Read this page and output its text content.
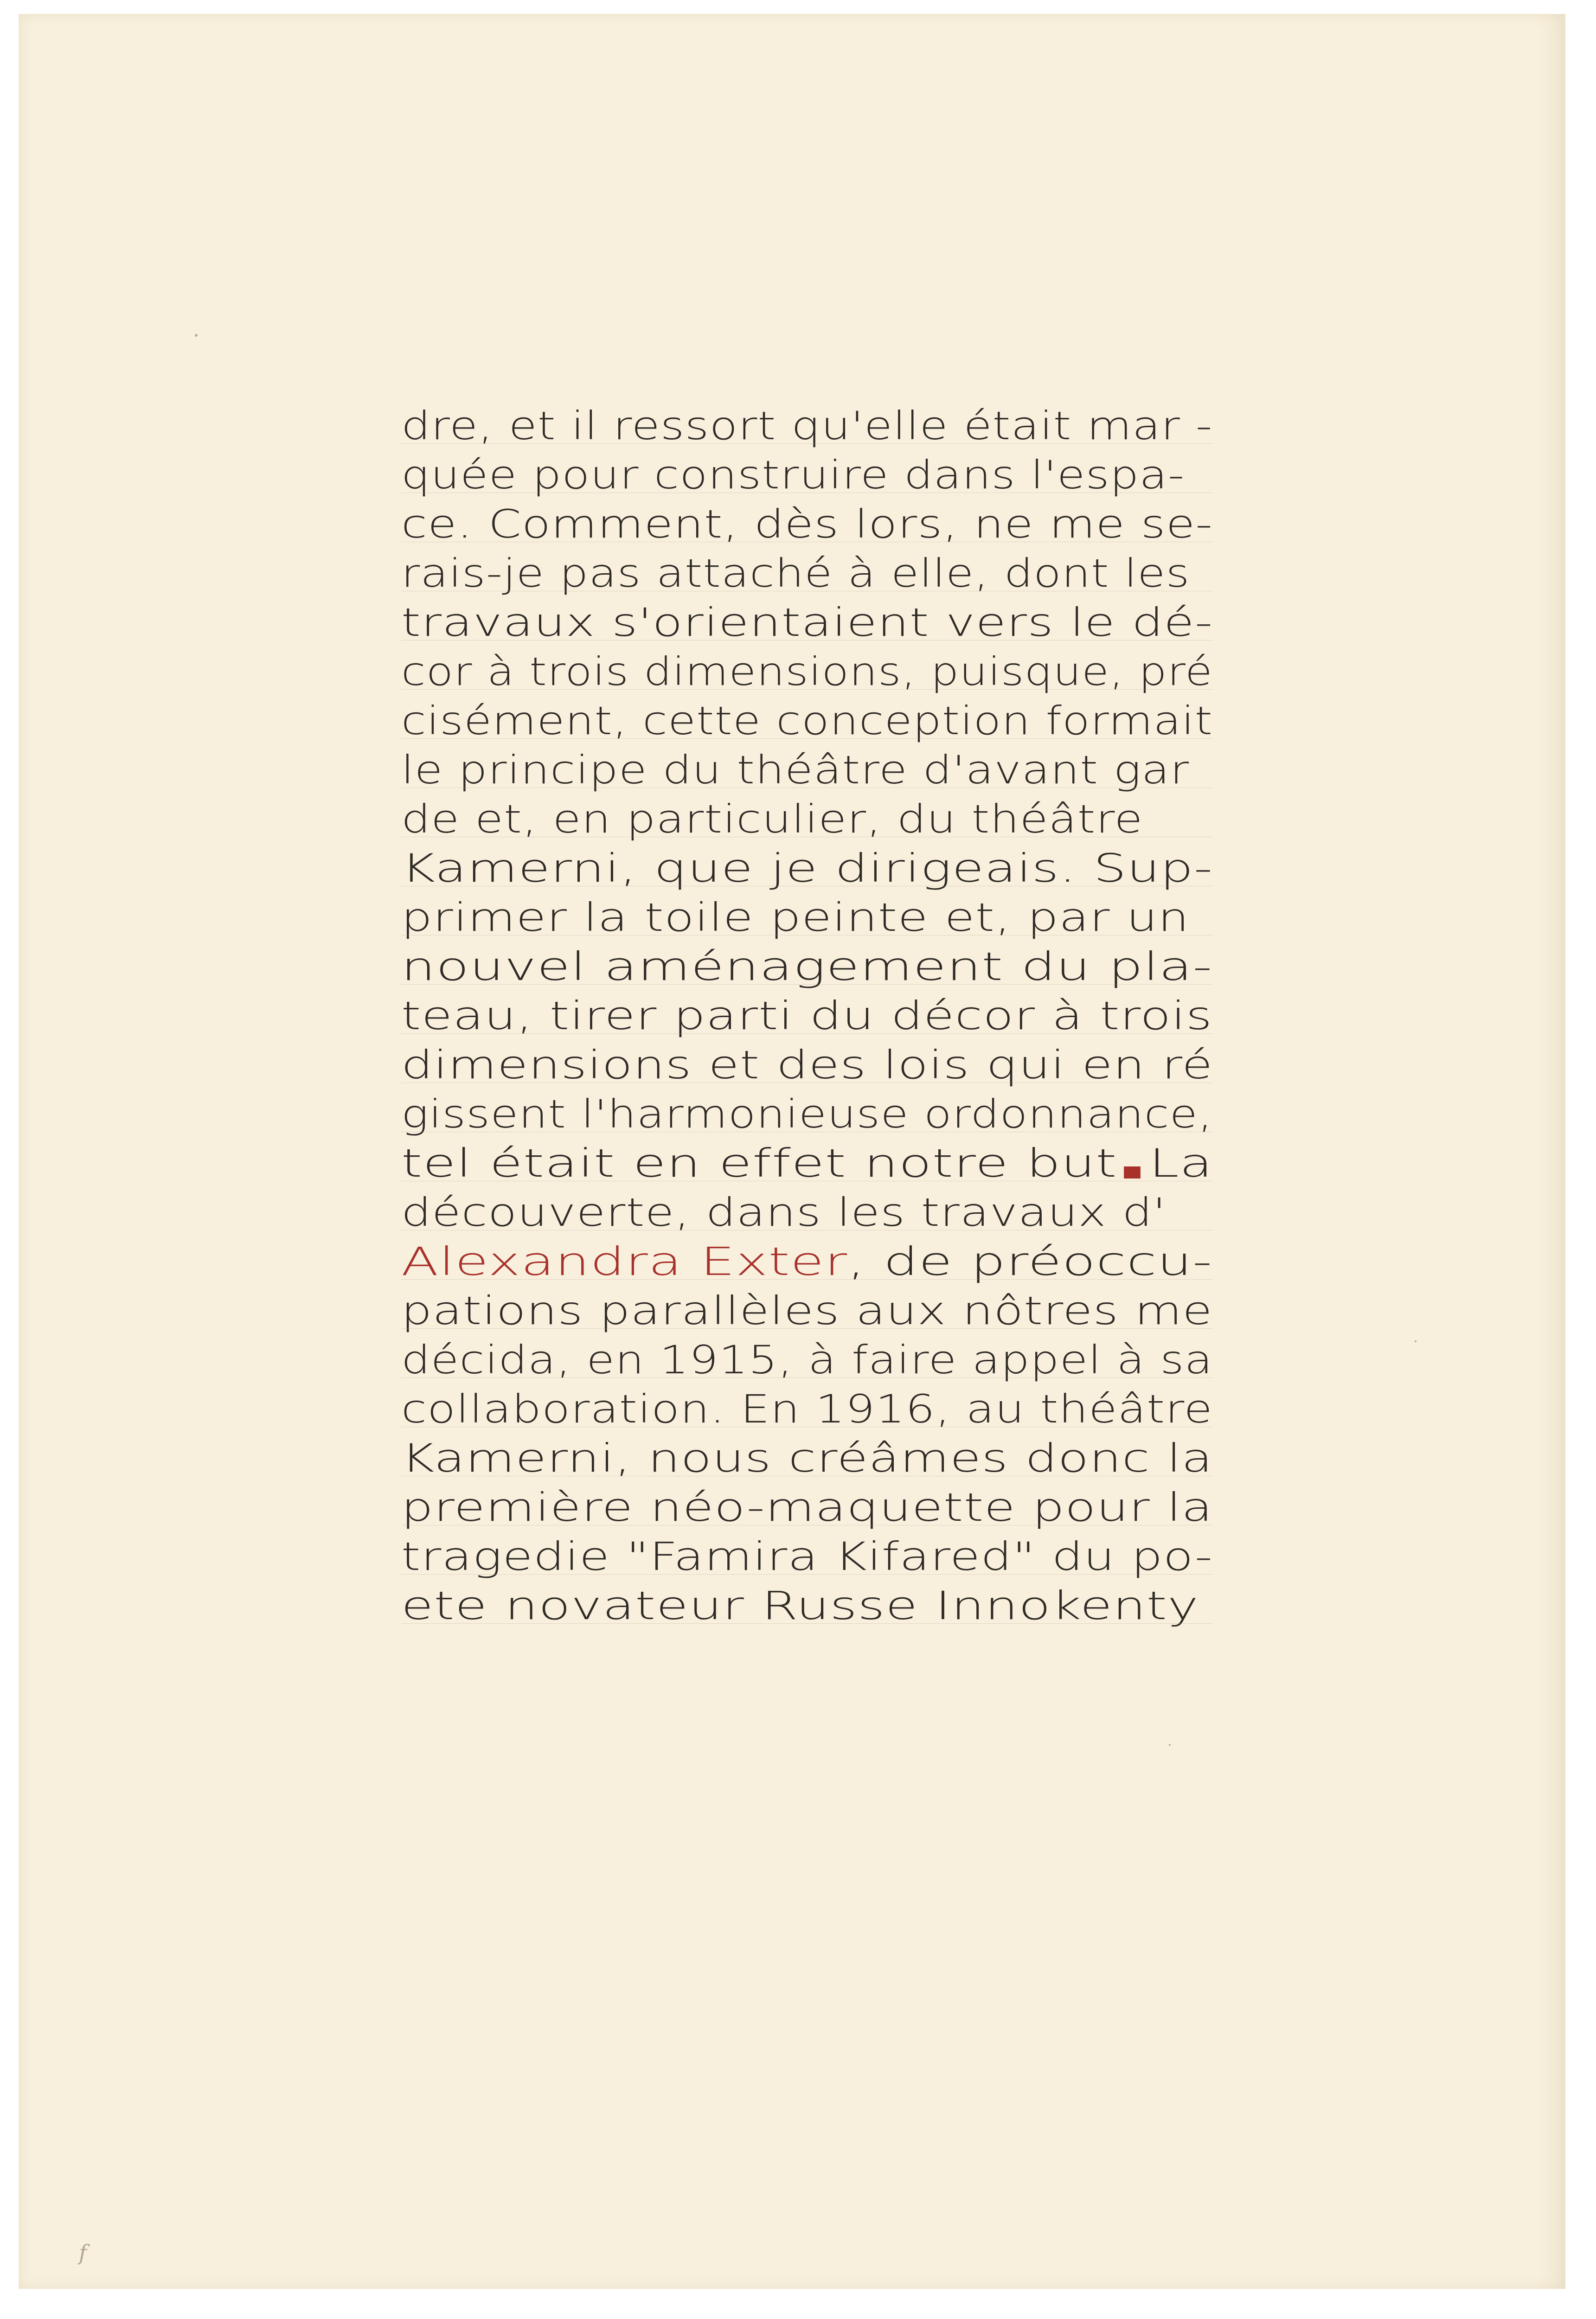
dre, et il ressort qu'elle était mar -
quée pour construire dans l'espa-
ce. Comment, dès lors, ne me se-
rais-je pas attaché à elle, dont les
travaux s'orientaient vers le dé-
cor à trois dimensions, puisque, pré
cisément, cette conception formait
le principe du théâtre d'avant gar
de et, en particulier, du théâtre
Kamerni, que je dirigeais. Sup-
primer la toile peinte et, par un
nouvel aménagement du pla-
teau, tirer parti du décor à trois
dimensions et des lois qui en ré
gissent l'harmonieuse ordonnance,
tel était en effet notre but La
découverte, dans les travaux d'
Alexandra Exter, de préoccu-
pations parallèles aux nôtres me
décida, en 1915, à faire appel à sa
collaboration. En 1916, au théâtre
Kamerni, nous créâmes donc la
première néo-maquette pour la
tragedie "Famira Kifared" du po-
ete novateur Russe Innokenty
f
